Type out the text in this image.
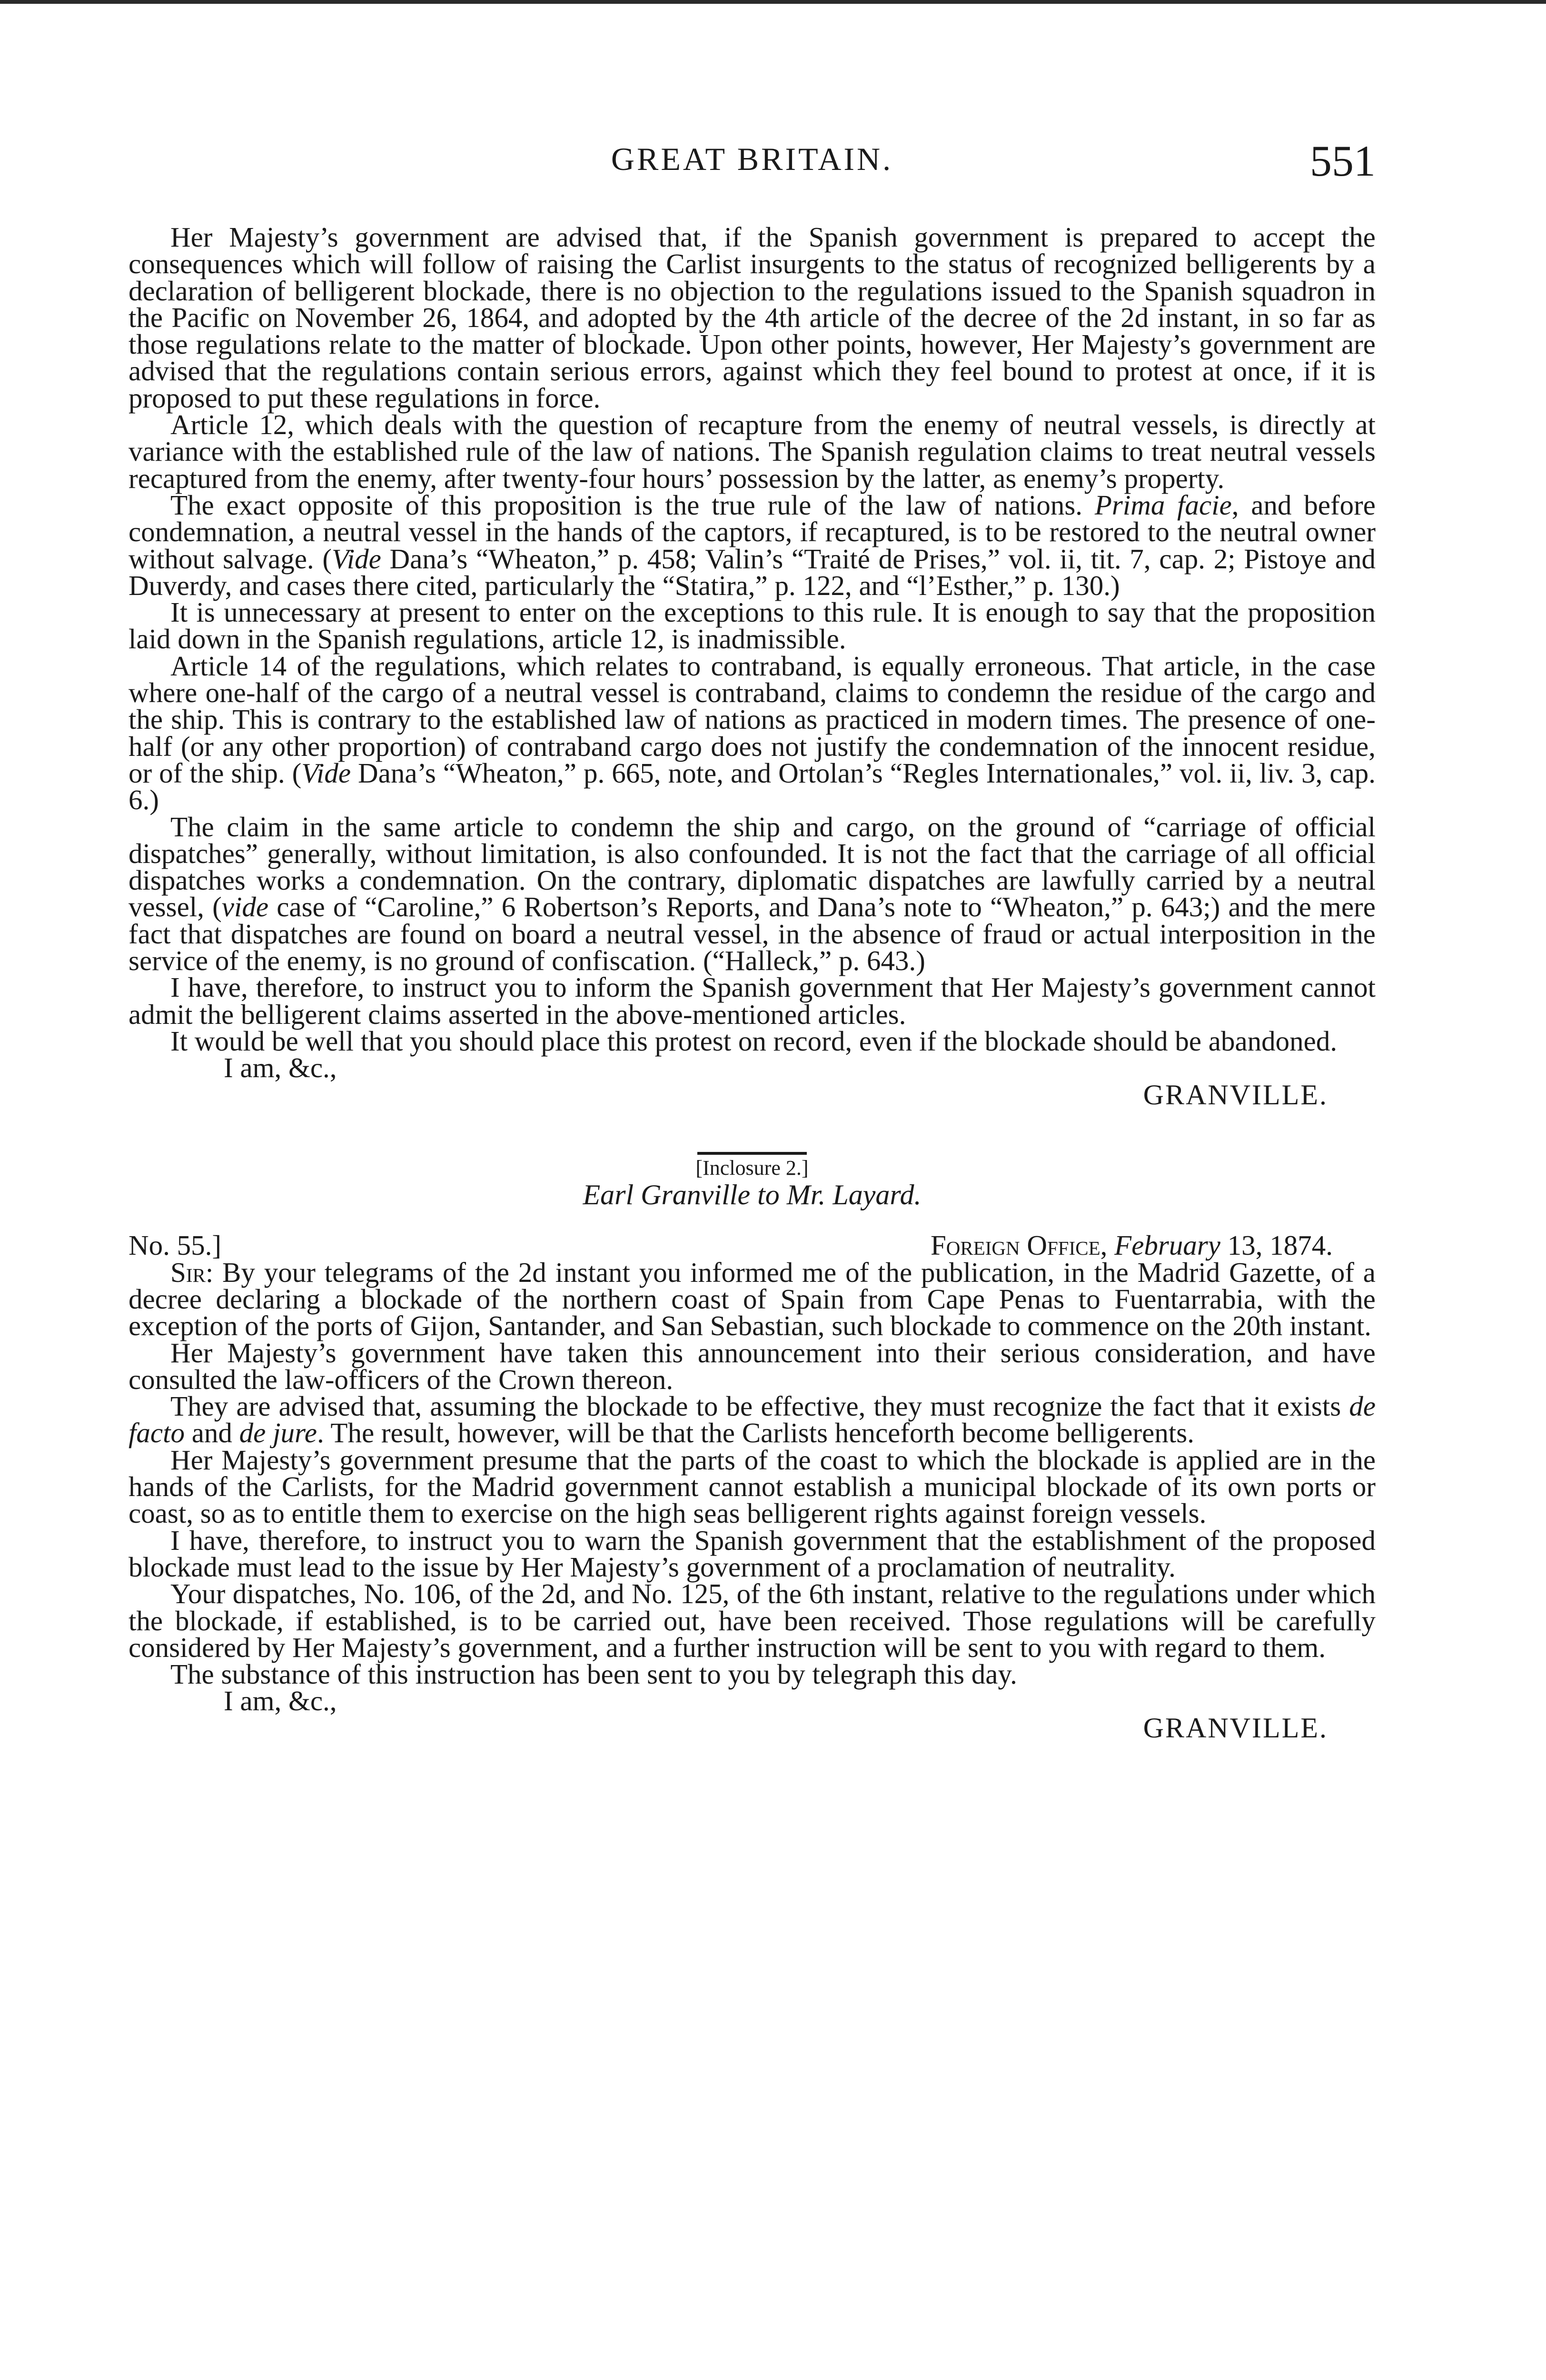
GREAT BRITAIN.	551

Her Majesty’s government are advised that, if the Spanish government is prepared to accept the consequences which will follow of raising the Carlist insurgents to the status of recognized belligerents by a declaration of belligerent blockade, there is no objection to the regulations issued to the Spanish squadron in the Pacific on November 26, 1864, and adopted by the 4th article of the decree of the 2d instant, in so far as those regulations relate to the matter of blockade. Upon other points, however, Her Majesty’s government are advised that the regulations contain serious errors, against which they feel bound to protest at once, if it is proposed to put these regulations in force.

Article 12, which deals with the question of recapture from the enemy of neutral vessels, is directly at variance with the established rule of the law of nations. The Spanish regulation claims to treat neutral vessels recaptured from the enemy, after twenty-four hours’ possession by the latter, as enemy’s property.

The exact opposite of this proposition is the true rule of the law of nations. Prima facie, and before condemnation, a neutral vessel in the hands of the captors, if recaptured, is to be restored to the neutral owner without salvage. (Vide Dana’s “Wheaton,” p. 458; Valin’s “Traité de Prises,” vol. ii, tit. 7, cap. 2; Pistoye and Duverdy, and cases there cited, particularly the “Statira,” p. 122, and “l’Esther,” p. 130.)

It is unnecessary at present to enter on the exceptions to this rule. It is enough to say that the proposition laid down in the Spanish regulations, article 12, is inadmissible.

Article 14 of the regulations, which relates to contraband, is equally erroneous. That article, in the case where one-half of the cargo of a neutral vessel is contraband, claims to condemn the residue of the cargo and the ship. This is contrary to the established law of nations as practiced in modern times. The presence of one-half (or any other proportion) of contraband cargo does not justify the condemnation of the innocent residue, or of the ship. (Vide Dana’s “Wheaton,” p. 665, note, and Ortolan’s “Regles Internationales,” vol. ii, liv. 3, cap. 6.)

The claim in the same article to condemn the ship and cargo, on the ground of “carriage of official dispatches” generally, without limitation, is also confounded. It is not the fact that the carriage of all official dispatches works a condemnation. On the contrary, diplomatic dispatches are lawfully carried by a neutral vessel, (vide case of “Caroline,” 6 Robertson’s Reports, and Dana’s note to “Wheaton,” p. 643;) and the mere fact that dispatches are found on board a neutral vessel, in the absence of fraud or actual interposition in the service of the enemy, is no ground of confiscation. (“Halleck,” p. 643.)

I have, therefore, to instruct you to inform the Spanish government that Her Majesty’s government cannot admit the belligerent claims asserted in the above-mentioned articles.

It would be well that you should place this protest on record, even if the blockade should be abandoned.

I am, &c.,

GRANVILLE.

[Inclosure 2.]

Earl Granville to Mr. Layard.

No. 55.]	Foreign Office, February 13, 1874.

Sir: By your telegrams of the 2d instant you informed me of the publication, in the Madrid Gazette, of a decree declaring a blockade of the northern coast of Spain from Cape Penas to Fuentarrabia, with the exception of the ports of Gijon, Santander, and San Sebastian, such blockade to commence on the 20th instant.

Her Majesty’s government have taken this announcement into their serious consideration, and have consulted the law-officers of the Crown thereon.

They are advised that, assuming the blockade to be effective, they must recognize the fact that it exists de facto and de jure. The result, however, will be that the Carlists henceforth become belligerents.

Her Majesty’s government presume that the parts of the coast to which the blockade is applied are in the hands of the Carlists, for the Madrid government cannot establish a municipal blockade of its own ports or coast, so as to entitle them to exercise on the high seas belligerent rights against foreign vessels.

I have, therefore, to instruct you to warn the Spanish government that the establishment of the proposed blockade must lead to the issue by Her Majesty’s government of a proclamation of neutrality.

Your dispatches, No. 106, of the 2d, and No. 125, of the 6th instant, relative to the regulations under which the blockade, if established, is to be carried out, have been received. Those regulations will be carefully considered by Her Majesty’s government, and a further instruction will be sent to you with regard to them.

The substance of this instruction has been sent to you by telegraph this day.

I am, &c.,

GRANVILLE.
